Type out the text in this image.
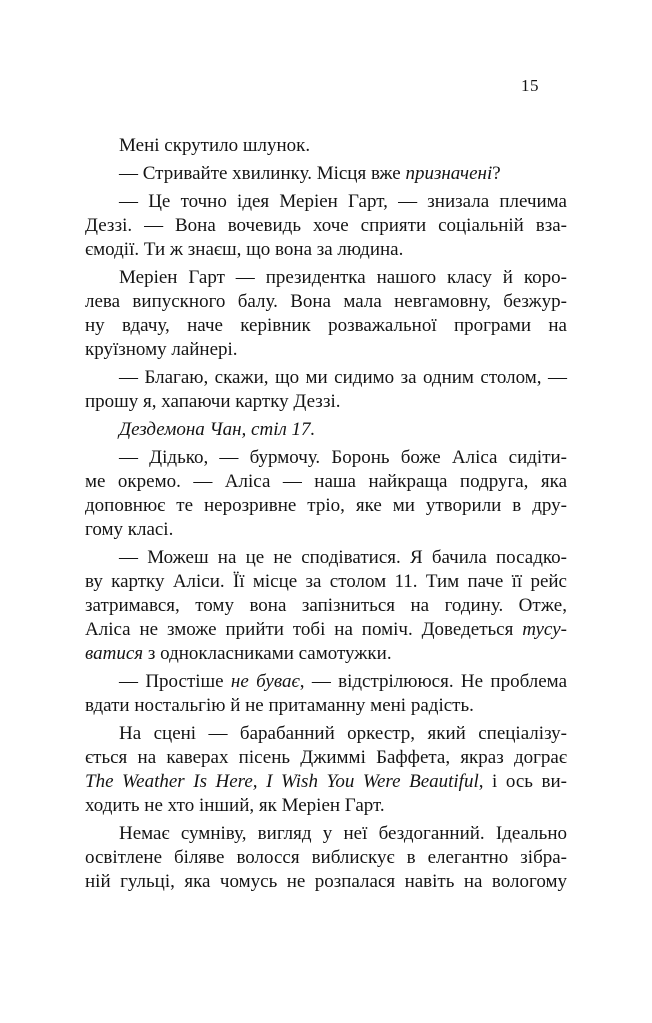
15
Мені скрутило шлунок.
— Стривайте хвилинку. Місця вже призначені?
— Це точно ідея Меріен Гарт, — знизала плечима
Деззі. — Вона вочевидь хоче сприяти соціальній вза-
ємодії. Ти ж знаєш, що вона за людина.
Меріен Гарт — президентка нашого класу й коро-
лева випускного балу. Вона мала невгамовну, безжур-
ну вдачу, наче керівник розважальної програми на
круїзному лайнері.
— Благаю, скажи, що ми сидимо за одним столом, —
прошу я, хапаючи картку Деззі.
Дездемона Чан, стіл 17.
— Дідько, — бурмочу. Боронь боже Аліса сидіти-
ме окремо. — Аліса — наша найкраща подруга, яка
доповнює те нерозривне тріо, яке ми утворили в дру-
гому класі.
— Можеш на це не сподіватися. Я бачила посадко-
ву картку Аліси. Її місце за столом 11. Тим паче її рейс
затримався, тому вона запізниться на годину. Отже,
Аліса не зможе прийти тобі на поміч. Доведеться тусу-
ватися з однокласниками самотужки.
— Простіше не буває, — відстрілююся. Не проблема
вдати ностальгію й не притаманну мені радість.
На сцені — барабанний оркестр, який спеціалізу-
ється на каверах пісень Джиммі Баффета, якраз дограє
The Weather Is Here, I Wish You Were Beautiful, і ось ви-
ходить не хто інший, як Меріен Гарт.
Немає сумніву, вигляд у неї бездоганний. Ідеально
освітлене біляве волосся виблискує в елегантно зібра-
ній гульці, яка чомусь не розпалася навіть на вологому
